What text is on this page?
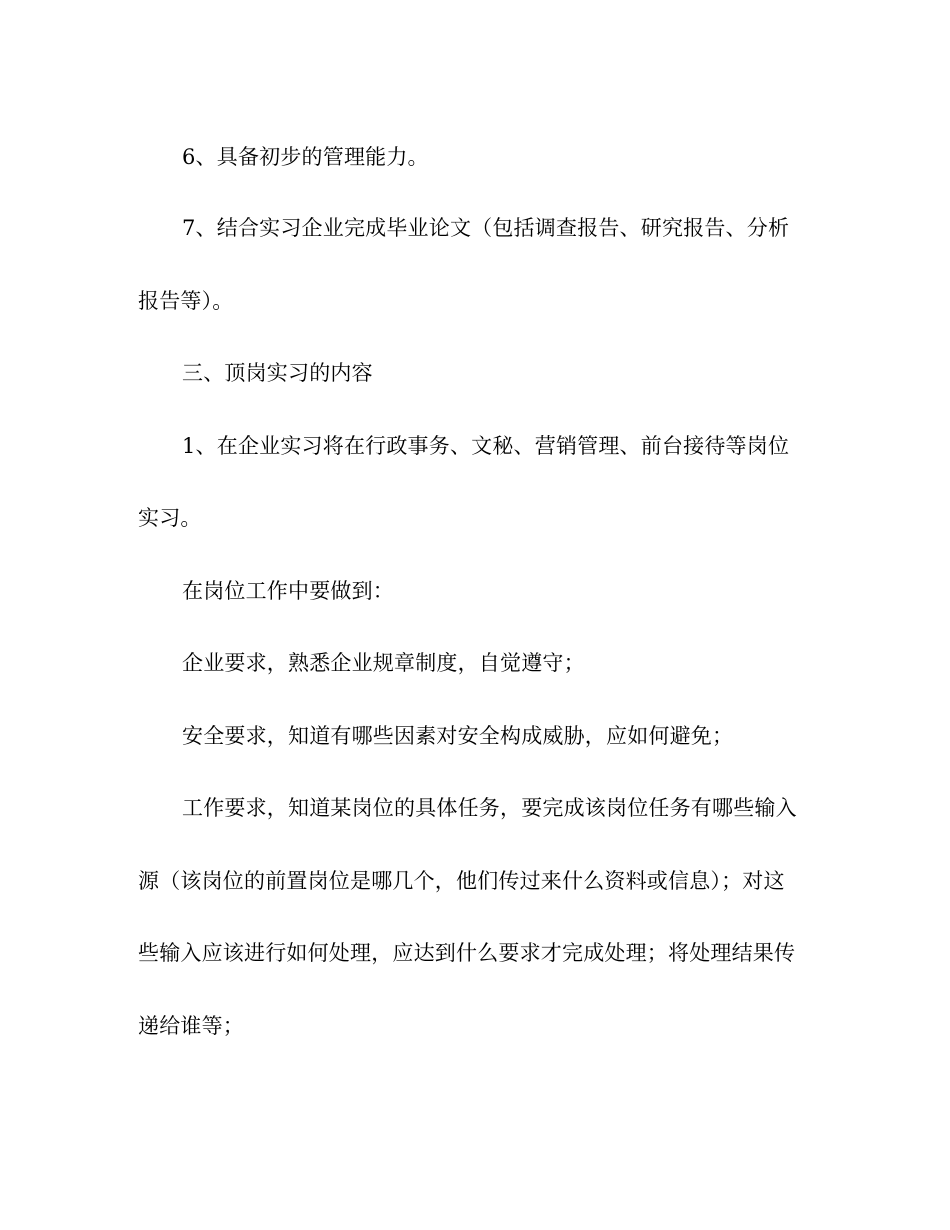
6、具备初步的管理能力。
7、结合实习企业完成毕业论文（包括调查报告、研究报告、分析
报告等）。
三、顶岗实习的内容
1、在企业实习将在行政事务、文秘、营销管理、前台接待等岗位
实习。
在岗位工作中要做到：
企业要求，熟悉企业规章制度，自觉遵守；
安全要求，知道有哪些因素对安全构成威胁，应如何避免；
工作要求，知道某岗位的具体任务，要完成该岗位任务有哪些输入
源（该岗位的前置岗位是哪几个，他们传过来什么资料或信息）；对这
些输入应该进行如何处理，应达到什么要求才完成处理；将处理结果传
递给谁等；
